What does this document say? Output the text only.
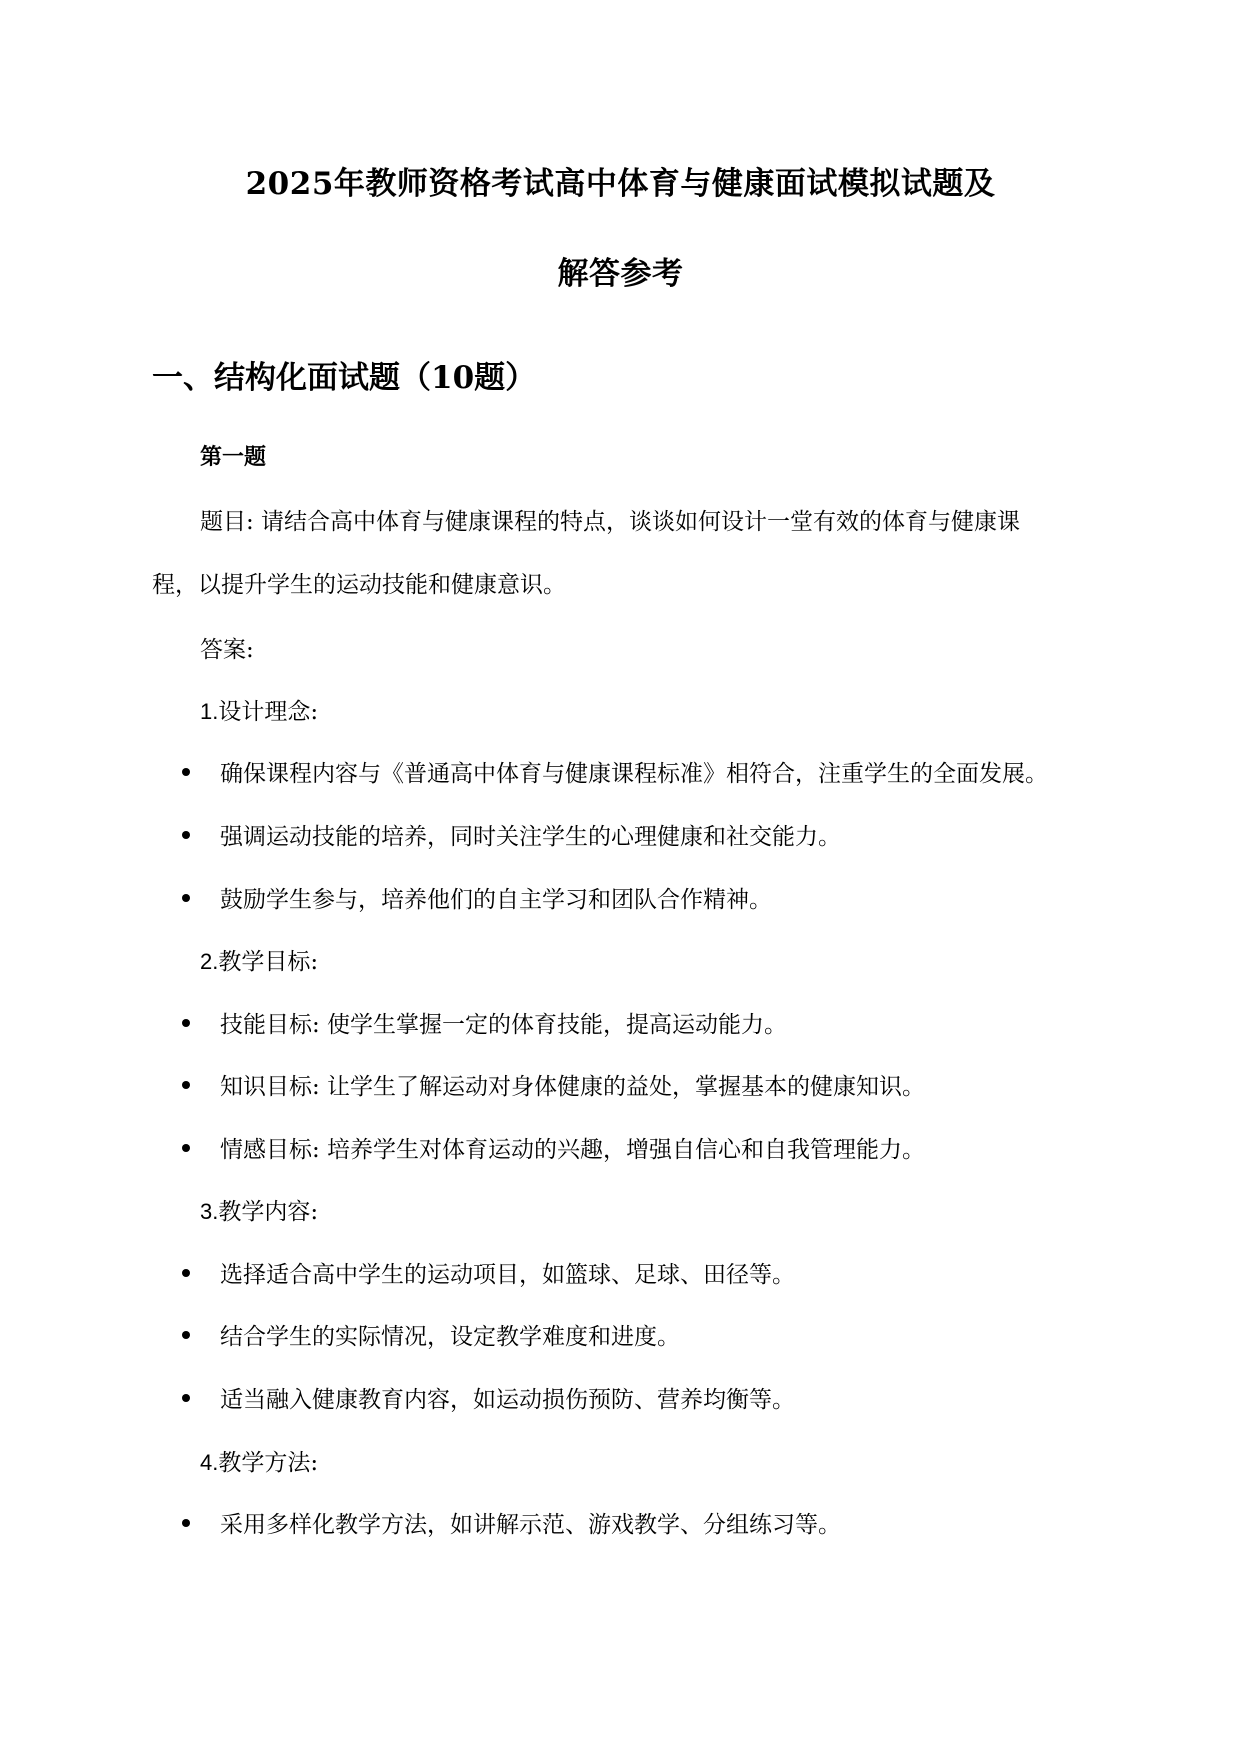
2025年教师资格考试高中体育与健康面试模拟试题及
解答参考
一、结构化面试题（10题）
第一题
题目: 请结合高中体育与健康课程的特点，谈谈如何设计一堂有效的体育与健康课
程，以提升学生的运动技能和健康意识。
答案:
1.设计理念:
确保课程内容与《普通高中体育与健康课程标准》相符合，注重学生的全面发展。
强调运动技能的培养，同时关注学生的心理健康和社交能力。
鼓励学生参与，培养他们的自主学习和团队合作精神。
2.教学目标:
技能目标: 使学生掌握一定的体育技能，提高运动能力。
知识目标: 让学生了解运动对身体健康的益处，掌握基本的健康知识。
情感目标: 培养学生对体育运动的兴趣，增强自信心和自我管理能力。
3.教学内容:
选择适合高中学生的运动项目，如篮球、足球、田径等。
结合学生的实际情况，设定教学难度和进度。
适当融入健康教育内容，如运动损伤预防、营养均衡等。
4.教学方法:
采用多样化教学方法，如讲解示范、游戏教学、分组练习等。
